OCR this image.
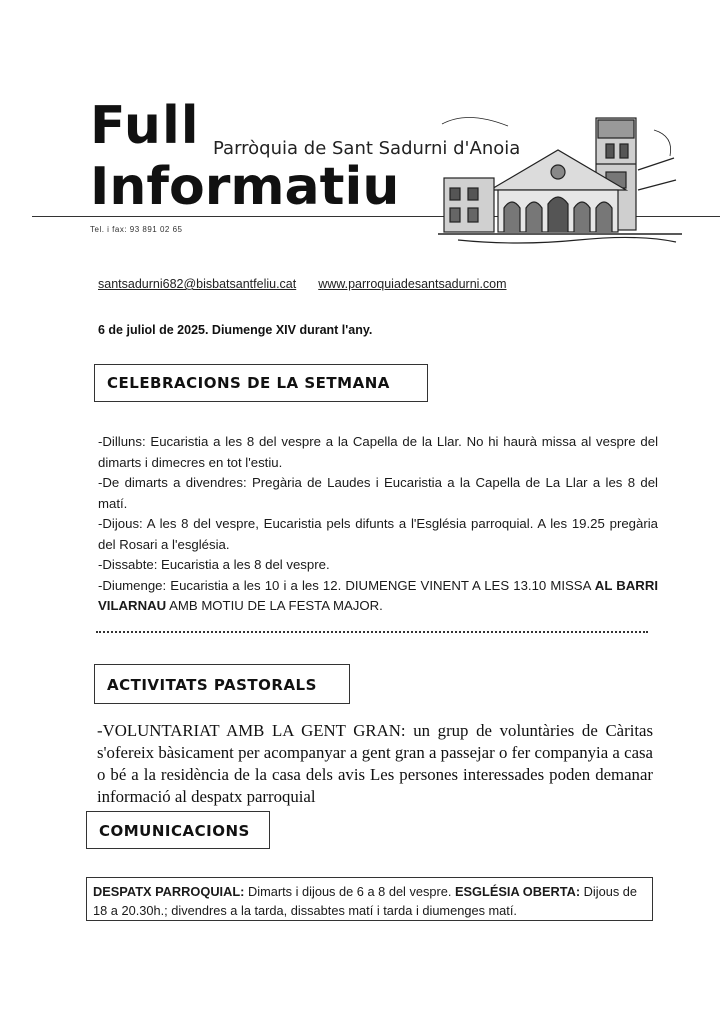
Full Parròquia de Sant Sadurni d'Anoia
Informatiu
Tel. i fax: 93 891 02 65
santsadurni682@bisbatsantfeliu.cat www.parroquiadesantsadurni.com
6 de juliol de 2025. Diumenge XIV durant l'any.
CELEBRACIONS DE LA SETMANA

-Dilluns: Eucaristia a les 8 del vespre a la Capella de la Llar. No hi haurà missa al vespre del dimarts i dimecres en tot l'estiu.

-De dimarts a divendres: Pregària de Laudes i Eucaristia a la Capella de La Llar a les 8 del matí.

-Dijous: A les 8 del vespre, Eucaristia pels difunts a l'Església parroquial. A les 19.25 pregària del Rosari a l'església.

-Dissabte: Eucaristia a les 8 del vespre.

-Diumenge: Eucaristia a les 10 i a les 12. DIUMENGE VINENT A LES 13.10 MISSA AL BARRI VILARNAU AMB MOTIU DE LA FESTA MAJOR.

ACTIVITATS PASTORALS
-VOLUNTARIAT AMB LA GENT GRAN: un grup de voluntàries de Càritas s'ofereix bàsicament per acompanyar a gent gran a passejar o fer companyia a casa o bé a la residència de la casa dels avis Les persones interessades poden demanar informació al despatx parroquial
COMUNICACIONS
DESPATX PARROQUIAL: Dimarts i dijous de 6 a 8 del vespre. ESGLÉSIA OBERTA: Dijous de 18 a 20.30h.; divendres a la tarda, dissabtes matí i tarda i diumenges matí.
